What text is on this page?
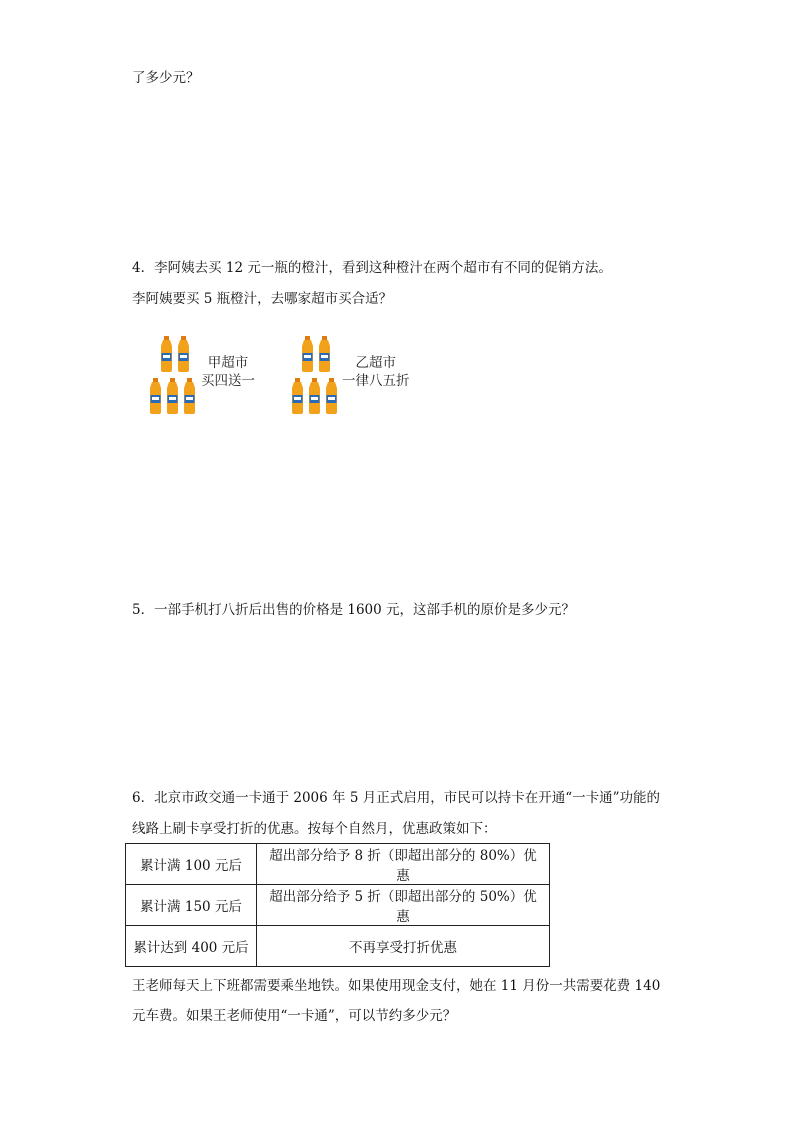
了多少元？
4．李阿姨去买 12 元一瓶的橙汁，看到这种橙汁在两个超市有不同的促销方法。
李阿姨要买 5 瓶橙汁，去哪家超市买合适？
甲超市
买四送一
乙超市
一律八五折
5．一部手机打八折后出售的价格是 1600 元，这部手机的原价是多少元？
6．北京市政交通一卡通于 2006 年 5 月正式启用，市民可以持卡在开通“一卡通”功能的
线路上刷卡享受打折的优惠。按每个自然月，优惠政策如下：
累计满 100 元后	超出部分给予 8 折（即超出部分的 80%）优惠
累计满 150 元后	超出部分给予 5 折（即超出部分的 50%）优惠
累计达到 400 元后	不再享受打折优惠
王老师每天上下班都需要乘坐地铁。如果使用现金支付，她在 11 月份一共需要花费 140
元车费。如果王老师使用“一卡通”，可以节约多少元？
